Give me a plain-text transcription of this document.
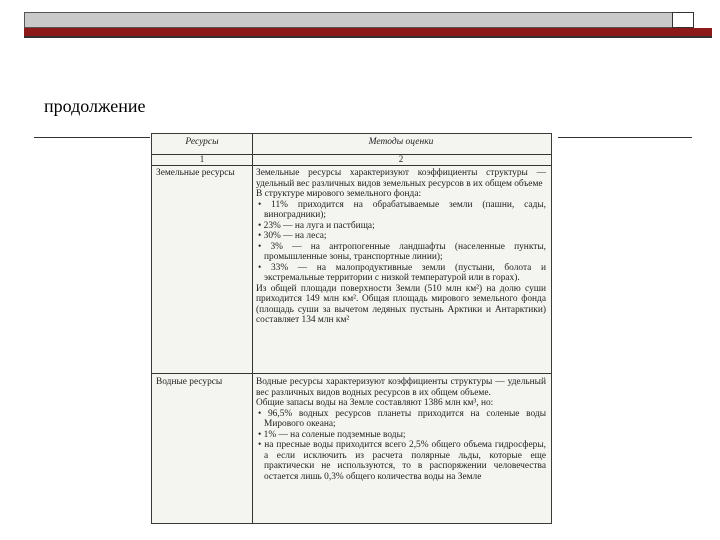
продолжение
Ресурсы	Методы оценки
1	2
Земельные ресурсы	Земельные ресурсы характеризуют коэффициенты структуры — удельный вес различных видов земельных ресурсов в их общем объеме
В структуре мирового земельного фонда:
• 11% приходится на обрабатываемые земли (пашни, сады, виноградники);
• 23% — на луга и пастбища;
• 30% — на леса;
• 3% — на антропогенные ландшафты (населенные пункты, промышленные зоны, транспортные линии);
• 33% — на малопродуктивные земли (пустыни, болота и экстремальные территории с низкой температурой или в горах).
Из общей площади поверхности Земли (510 млн км²) на долю суши приходится 149 млн км². Общая площадь мирового земельного фонда (площадь суши за вычетом ледяных пустынь Арктики и Антарктики) составляет 134 млн км²
Водные ресурсы	Водные ресурсы характеризуют коэффициенты структуры — удельный вес различных видов водных ресурсов в их общем объеме.
Общие запасы воды на Земле составляют 1386 млн км³, но:
• 96,5% водных ресурсов планеты приходится на соленые воды Мирового океана;
• 1% — на соленые подземные воды;
• на пресные воды приходится всего 2,5% общего объема гидросферы, а если исключить из расчета полярные льды, которые еще практически не используются, то в распоряжении человечества остается лишь 0,3% общего количества воды на Земле
